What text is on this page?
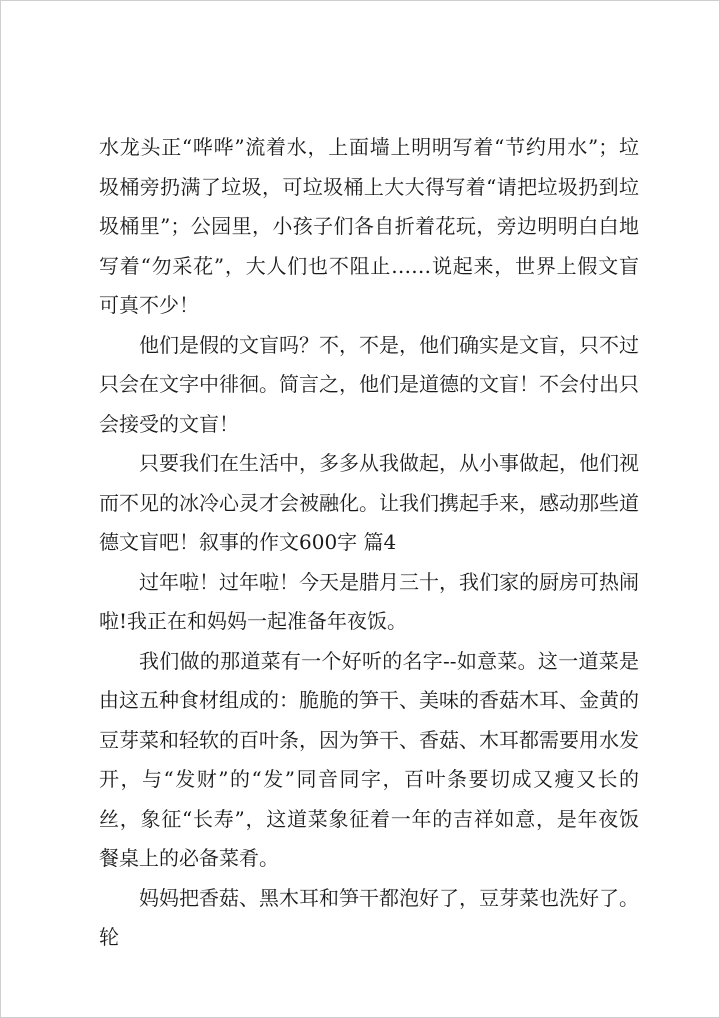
水龙头正“哗哗”流着水，上面墙上明明写着“节约用水”；垃圾桶旁扔满了垃圾，可垃圾桶上大大得写着“请把垃圾扔到垃圾桶里”；公园里，小孩子们各自折着花玩，旁边明明白白地写着“勿采花”，大人们也不阻止……说起来，世界上假文盲可真不少！

他们是假的文盲吗？不，不是，他们确实是文盲，只不过只会在文字中徘徊。简言之，他们是道德的文盲！不会付出只会接受的文盲！

只要我们在生活中，多多从我做起，从小事做起，他们视而不见的冰冷心灵才会被融化。让我们携起手来，感动那些道德文盲吧！叙事的作文600字 篇4

过年啦！过年啦！今天是腊月三十，我们家的厨房可热闹啦!我正在和妈妈一起准备年夜饭。

我们做的那道菜有一个好听的名字--如意菜。这一道菜是由这五种食材组成的：脆脆的笋干、美味的香菇木耳、金黄的豆芽菜和轻软的百叶条，因为笋干、香菇、木耳都需要用水发开，与“发财”的“发”同音同字，百叶条要切成又瘦又长的丝，象征“长寿”，这道菜象征着一年的吉祥如意，是年夜饭餐桌上的必备菜肴。

妈妈把香菇、黑木耳和笋干都泡好了，豆芽菜也洗好了。轮
